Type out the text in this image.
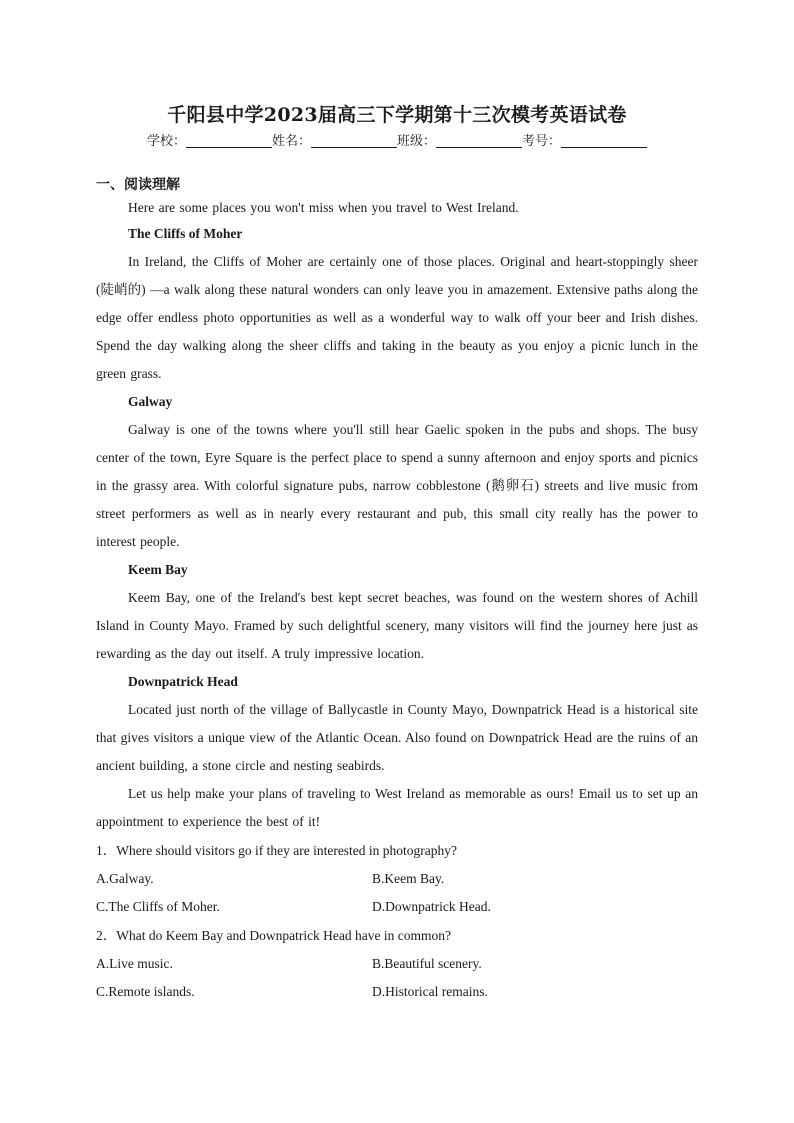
千阳县中学2023届高三下学期第十三次模考英语试卷
学校：	姓名：	班级：	考号：
一、阅读理解

Here are some places you won't miss when you travel to West Ireland.

The Cliffs of Moher

In Ireland, the Cliffs of Moher are certainly one of those places. Original and heart-stoppingly sheer (陡峭的) —a walk along these natural wonders can only leave you in amazement. Extensive paths along the edge offer endless photo opportunities as well as a wonderful way to walk off your beer and Irish dishes. Spend the day walking along the sheer cliffs and taking in the beauty as you enjoy a picnic lunch in the green grass.

Galway

Galway is one of the towns where you'll still hear Gaelic spoken in the pubs and shops. The busy center of the town, Eyre Square is the perfect place to spend a sunny afternoon and enjoy sports and picnics in the grassy area. With colorful signature pubs, narrow cobblestone (鹅卵石) streets and live music from street performers as well as in nearly every restaurant and pub, this small city really has the power to interest people.

Keem Bay

Keem Bay, one of the Ireland's best kept secret beaches, was found on the western shores of Achill Island in County Mayo. Framed by such delightful scenery, many visitors will find the journey here just as rewarding as the day out itself. A truly impressive location.

Downpatrick Head

Located just north of the village of Ballycastle in County Mayo, Downpatrick Head is a historical site that gives visitors a unique view of the Atlantic Ocean. Also found on Downpatrick Head are the ruins of an ancient building, a stone circle and nesting seabirds.

Let us help make your plans of traveling to West Ireland as memorable as ours! Email us to set up an appointment to experience the best of it!

1．Where should visitors go if they are interested in photography?

A.Galway.	B.Keem Bay.
C.The Cliffs of Moher.	D.Downpatrick Head.

2．What do Keem Bay and Downpatrick Head have in common?

A.Live music.	B.Beautiful scenery.
C.Remote islands.	D.Historical remains.
